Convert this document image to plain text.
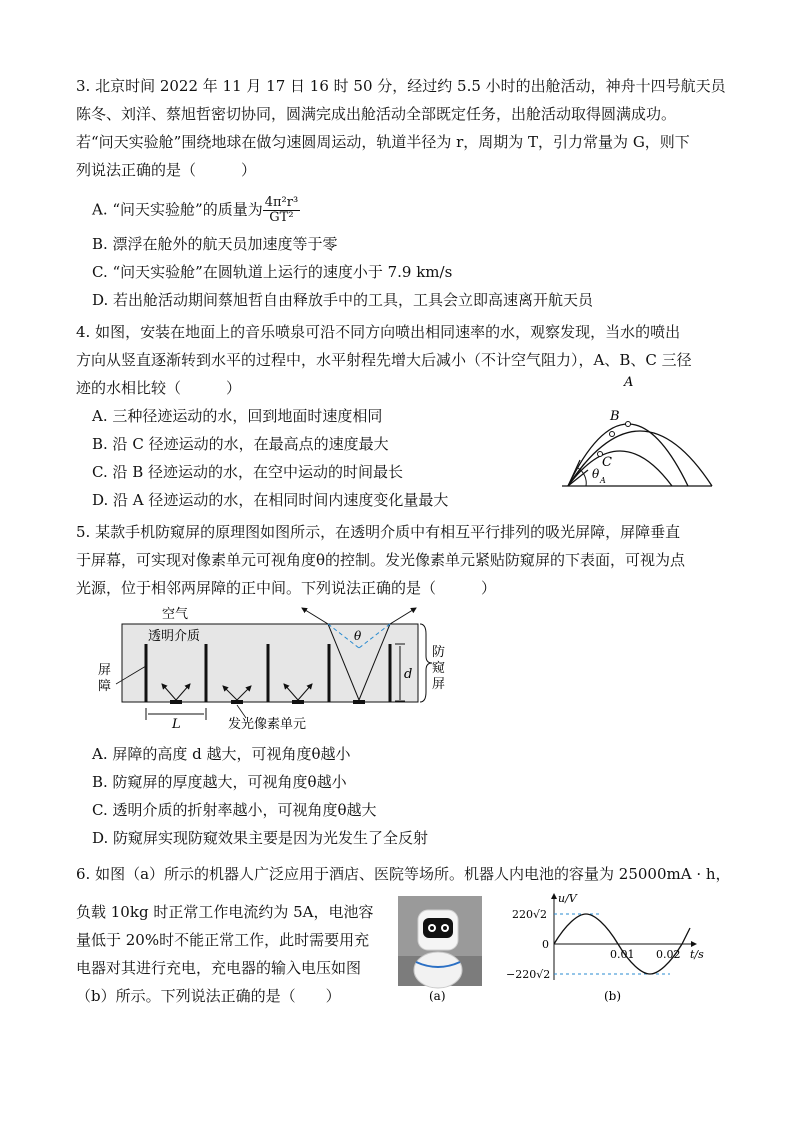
3. 北京时间 2022 年 11 月 17 日 16 时 50 分，经过约 5.5 小时的出舱活动，神舟十四号航天员
陈冬、刘洋、蔡旭哲密切协同，圆满完成出舱活动全部既定任务，出舱活动取得圆满成功。
若“问天实验舱”围绕地球在做匀速圆周运动，轨道半径为 r，周期为 T，引力常量为 G，则下
列说法正确的是（　　　）
A. “问天实验舱”的质量为 $\frac{\text{4π²r³}}{\text{GT²}}$
B. 漂浮在舱外的航天员加速度等于零
C. “问天实验舱”在圆轨道上运行的速度小于 7.9 km/s
D. 若出舱活动期间蔡旭哲自由释放手中的工具，工具会立即高速离开航天员
4. 如图，安装在地面上的音乐喷泉可沿不同方向喷出相同速率的水，观察发现，当水的喷出
方向从竖直逐渐转到水平的过程中，水平射程先增大后减小（不计空气阻力），A、B、C 三径
迹的水相比较（　　　）
A. 三种径迹运动的水，回到地面时速度相同
B. 沿 C 径迹运动的水，在最高点的速度最大
C. 沿 B 径迹运动的水，在空中运动的时间最长
D. 沿 A 径迹运动的水，在相同时间内速度变化量最大
A
B
C
θ A
5. 某款手机防窥屏的原理图如图所示，在透明介质中有相互平行排列的吸光屏障，屏障垂直
于屏幕，可实现对像素单元可视角度θ的控制。发光像素单元紧贴防窥屏的下表面，可视为点
光源，位于相邻两屏障的正中间。下列说法正确的是（　　　）
空气
透明介质
屏
障
防
窥
屏
θ
d
L	发光像素单元
A. 屏障的高度 d 越大，可视角度θ越小
B. 防窥屏的厚度越大，可视角度θ越小
C. 透明介质的折射率越小，可视角度θ越大
D. 防窥屏实现防窥效果主要是因为光发生了全反射
6. 如图（a）所示的机器人广泛应用于酒店、医院等场所。机器人内电池的容量为 25000mA · h，
负载 10kg 时正常工作电流约为 5A，电池容
量低于 20%时不能正常工作，此时需要用充
电器对其进行充电，充电器的输入电压如图
（b）所示。下列说法正确的是（　　）	(a)
u/V
t/s
220√2
−220√2
0
0.01 0.02
(b)
